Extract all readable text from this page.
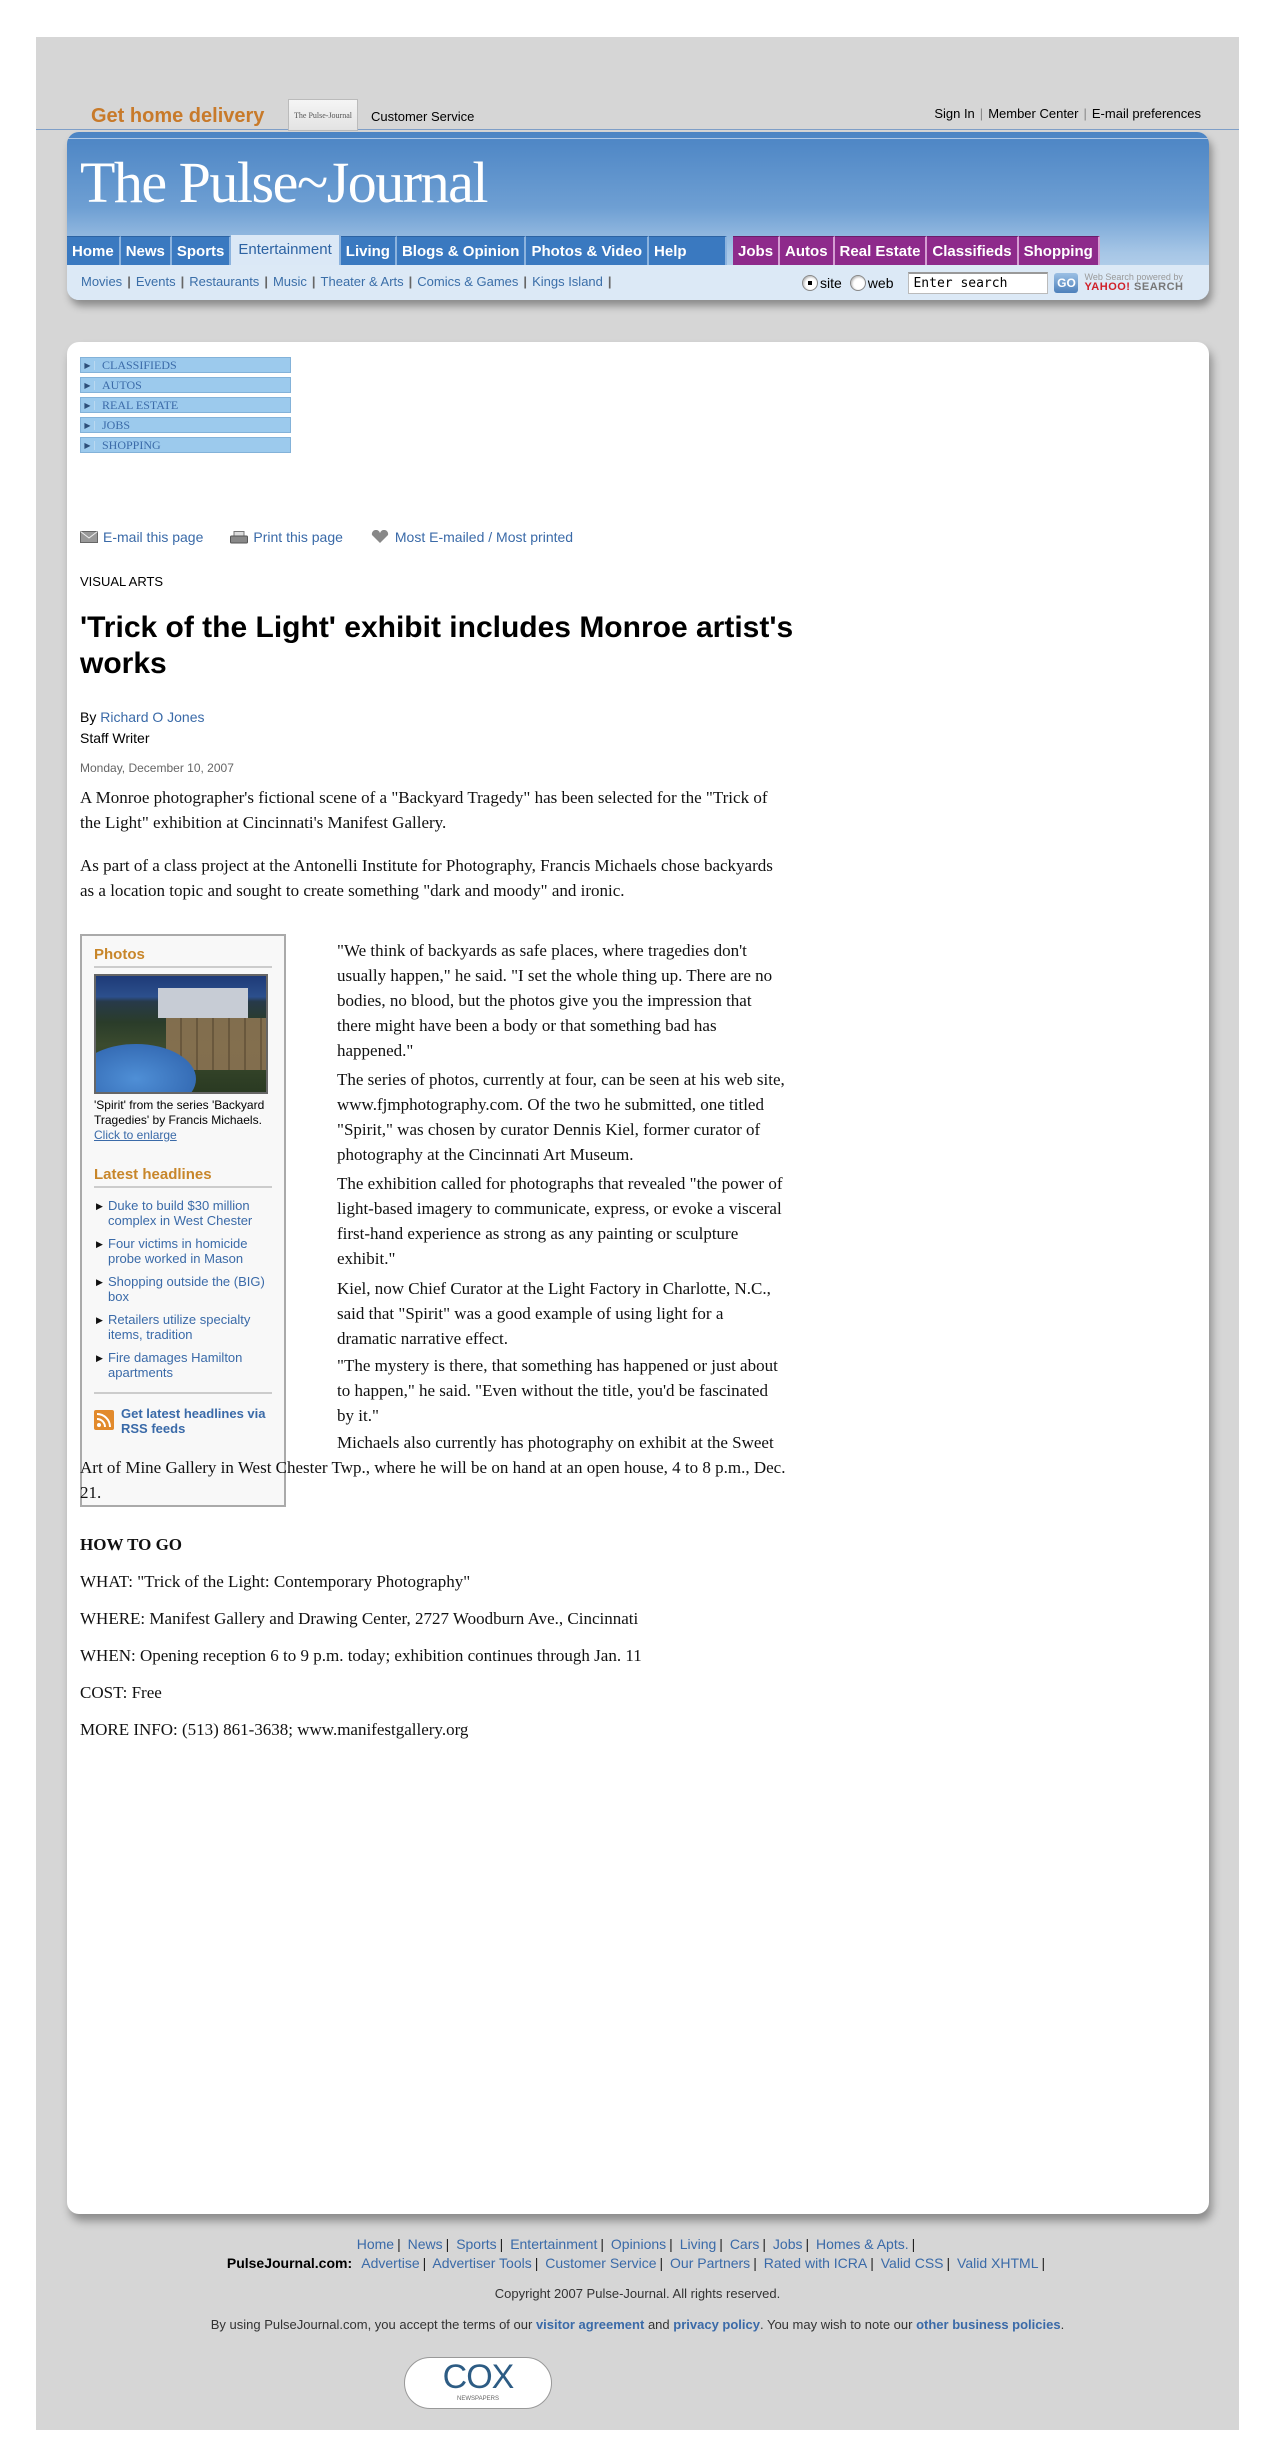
Get home delivery	The Pulse-Journal	Customer Service	Sign In | Member Center | E-mail preferences
The Pulse~Journal
Home News Sports Entertainment Living Blogs & Opinion Photos & Video Help	Jobs Autos Real Estate Classifieds Shopping
Movies | Events | Restaurants | Music | Theater & Arts | Comics & Games | Kings Island |	site web
Enter search	GO Web Search powered by
YAHOO! SEARCH
▶ CLASSIFIEDS
▶ AUTOS
▶ REAL ESTATE
▶ JOBS
▶ SHOPPING
E-mail this page	Print this page	Most E-mailed / Most printed
VISUAL ARTS
'Trick of the Light' exhibit includes Monroe artist's works
By Richard O Jones
Staff Writer
Monday, December 10, 2007

A Monroe photographer's fictional scene of a "Backyard Tragedy" has been selected for the "Trick of the Light" exhibition at Cincinnati's Manifest Gallery.

As part of a class project at the Antonelli Institute for Photography, Francis Michaels chose backyards as a location topic and sought to create something "dark and moody" and ironic.

Photos
'Spirit' from the series 'Backyard Tragedies' by Francis Michaels. Click to enlarge
Latest headlines
▶ Duke to build $30 million complex in West Chester
▶ Four victims in homicide probe worked in Mason
▶ Shopping outside the (BIG) box
▶ Retailers utilize specialty items, tradition
▶ Fire damages Hamilton apartments
Get latest headlines via RSS feeds

"We think of backyards as safe places, where tragedies don't usually happen," he said. "I set the whole thing up. There are no bodies, no blood, but the photos give you the impression that there might have been a body or that something bad has happened."

The series of photos, currently at four, can be seen at his web site, www.fjmphotography.com. Of the two he submitted, one titled "Spirit," was chosen by curator Dennis Kiel, former curator of photography at the Cincinnati Art Museum.

The exhibition called for photographs that revealed "the power of light-based imagery to communicate, express, or evoke a visceral first-hand experience as strong as any painting or sculpture exhibit."

Kiel, now Chief Curator at the Light Factory in Charlotte, N.C., said that "Spirit" was a good example of using light for a dramatic narrative effect.

"The mystery is there, that something has happened or just about to happen," he said. "Even without the title, you'd be fascinated by it."

Michaels also currently has photography on exhibit at the Sweet Art of Mine Gallery in West Chester Twp., where he will be on hand at an open house, 4 to 8 p.m., Dec. 21.

HOW TO GO

WHAT: "Trick of the Light: Contemporary Photography"

WHERE: Manifest Gallery and Drawing Center, 2727 Woodburn Ave., Cincinnati

WHEN: Opening reception 6 to 9 p.m. today; exhibition continues through Jan. 11

COST: Free

MORE INFO: (513) 861-3638; www.manifestgallery.org

Home | News | Sports | Entertainment | Opinions | Living | Cars | Jobs | Homes & Apts. |
PulseJournal.com: Advertise | Advertiser Tools | Customer Service | Our Partners | Rated with ICRA | Valid CSS | Valid XHTML |
Copyright 2007 Pulse-Journal. All rights reserved.
By using PulseJournal.com, you accept the terms of our visitor agreement and privacy policy. You may wish to note our other business policies.
COX
NEWSPAPERS
